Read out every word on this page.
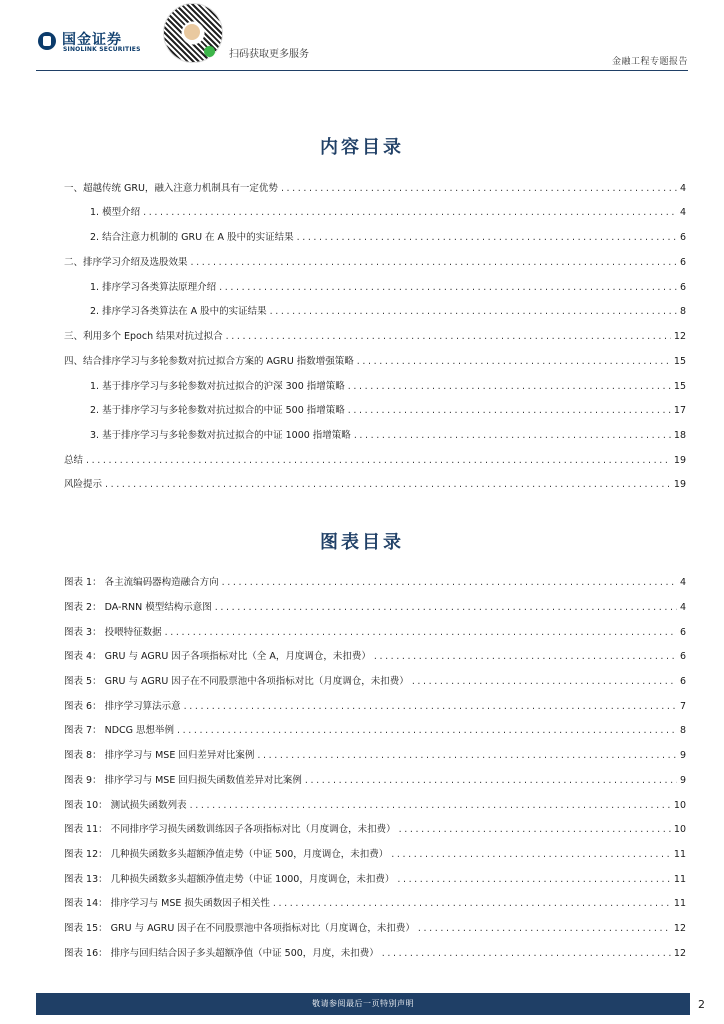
国金证券
SINOLINK SECURITIES	扫码获取更多服务
金融工程专题报告
内容目录
一、超越传统 GRU，融入注意力机制具有一定优势 .....	4
1. 模型介绍 .....	4
2. 结合注意力机制的 GRU 在 A 股中的实证结果 .....	6
二、排序学习介绍及选股效果 .....	6
1. 排序学习各类算法原理介绍 .....	6
2. 排序学习各类算法在 A 股中的实证结果 .....	8
三、利用多个 Epoch 结果对抗过拟合 .....	12
四、结合排序学习与多轮参数对抗过拟合方案的 AGRU 指数增强策略 .....	15
1. 基于排序学习与多轮参数对抗过拟合的沪深 300 指增策略 .....	15
2. 基于排序学习与多轮参数对抗过拟合的中证 500 指增策略 .....	17
3. 基于排序学习与多轮参数对抗过拟合的中证 1000 指增策略 .....	18
总结 .....	19
风险提示 .....	19
图表目录
图表 1： 各主流编码器构造融合方向 .....	4
图表 2： DA-RNN 模型结构示意图 .....	4
图表 3： 投喂特征数据 .....	6
图表 4： GRU 与 AGRU 因子各项指标对比（全 A，月度调仓，未扣费） .....	6
图表 5： GRU 与 AGRU 因子在不同股票池中各项指标对比（月度调仓，未扣费） .....	6
图表 6： 排序学习算法示意 .....	7
图表 7： NDCG 思想举例 .....	8
图表 8： 排序学习与 MSE 回归差异对比案例 .....	9
图表 9： 排序学习与 MSE 回归损失函数值差异对比案例 .....	9
图表 10： 测试损失函数列表 .....	10
图表 11： 不同排序学习损失函数训练因子各项指标对比（月度调仓，未扣费） .....	10
图表 12： 几种损失函数多头超额净值走势（中证 500，月度调仓，未扣费） .....	11
图表 13： 几种损失函数多头超额净值走势（中证 1000，月度调仓，未扣费） .....	11
图表 14： 排序学习与 MSE 损失函数因子相关性 .....	11
图表 15： GRU 与 AGRU 因子在不同股票池中各项指标对比（月度调仓，未扣费） .....	12
图表 16： 排序与回归结合因子多头超额净值（中证 500，月度，未扣费） .....	12
敬请参阅最后一页特别声明	2
